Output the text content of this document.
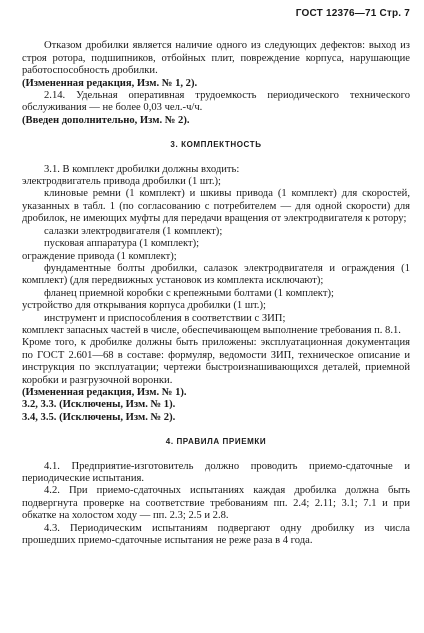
ГОСТ 12376—71 Стр. 7

Отказом дробилки является наличие одного из следующих дефектов: выход из строя ротора, подшипников, отбойных плит, повреждение корпуса, нарушающие работоспособность дробилки.

(Измененная редакция, Изм. № 1, 2).

2.14. Удельная оперативная трудоемкость периодического технического обслуживания — не более 0,03 чел.-ч/ч.

(Введен дополнительно, Изм. № 2).

3. КОМПЛЕКТНОСТЬ

3.1. В комплект дробилки должны входить:

электродвигатель привода дробилки (1 шт.);

клиновые ремни (1 комплект) и шкивы привода (1 комплект) для скоростей, указанных в табл. 1 (по согласованию с потребителем — для одной скорости) для дробилок, не имеющих муфты для передачи вращения от электродвигателя к ротору;

салазки электродвигателя (1 комплект);

пусковая аппаратура (1 комплект);

ограждение привода (1 комплект);

фундаментные болты дробилки, салазок электродвигателя и ограждения (1 комплект) (для передвижных установок из комплекта исключают);

фланец приемной коробки с крепежными болтами (1 комплект);

устройство для открывания корпуса дробилки (1 шт.);

инструмент и приспособления в соответствии с ЗИП;

комплект запасных частей в числе, обеспечивающем выполнение требования п. 8.1.

Кроме того, к дробилке должны быть приложены: эксплуатационная документация по ГОСТ 2.601—68 в составе: формуляр, ведомости ЗИП, техническое описание и инструкция по эксплуатации; чертежи быстроизнашивающихся деталей, приемной коробки и разгрузочной воронки.

(Измененная редакция, Изм. № 1).

3.2, 3.3. (Исключены, Изм. № 1).

3.4, 3.5. (Исключены, Изм. № 2).

4. ПРАВИЛА ПРИЕМКИ

4.1. Предприятие-изготовитель должно проводить приемо-сдаточные и периодические испытания.

4.2. При приемо-сдаточных испытаниях каждая дробилка должна быть подвергнута проверке на соответствие требованиям пп. 2.4; 2.11; 3.1; 7.1 и при обкатке на холостом ходу — пп. 2.3; 2.5 и 2.8.

4.3. Периодическим испытаниям подвергают одну дробилку из числа прошедших приемо-сдаточные испытания не реже раза в 4 года.
